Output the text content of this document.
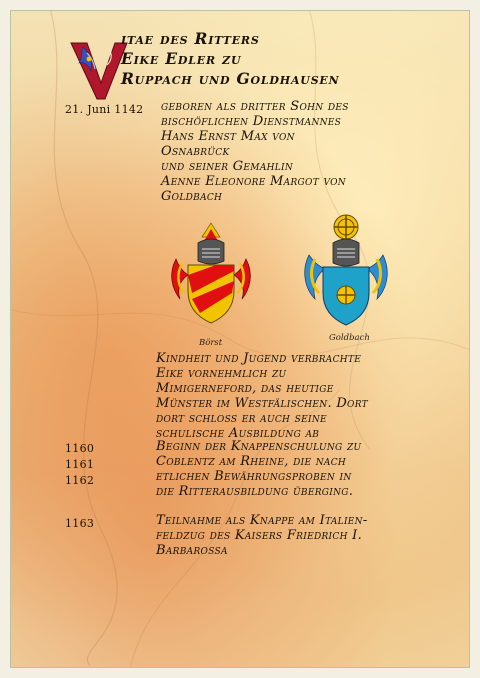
itae des Ritters
Eike Edler zu
Ruppach und Goldhausen
21. Juni 1142 geboren als dritter Sohn des
bischöflichen Dienstmannes
Hans Ernst Max von
Osnabrück
und seiner Gemahlin
Aenne Eleonore Margot von
Goldbach
Börst	Goldbach
Kindheit und Jugend verbrachte
Eike vornehmlich zu
Mimigerneford, das heutige
Münster im Westfälischen. Dort
dort schloss er auch seine
schulische Ausbildung ab
1160
1161
1162
Beginn der Knappenschulung zu
Coblentz am Rheine, die nach
etlichen Bewährungsproben in
die Ritterausbildung überging.
1163	Teilnahme als Knappe am Italien-
feldzug des Kaisers Friedrich I.
Barbarossa
